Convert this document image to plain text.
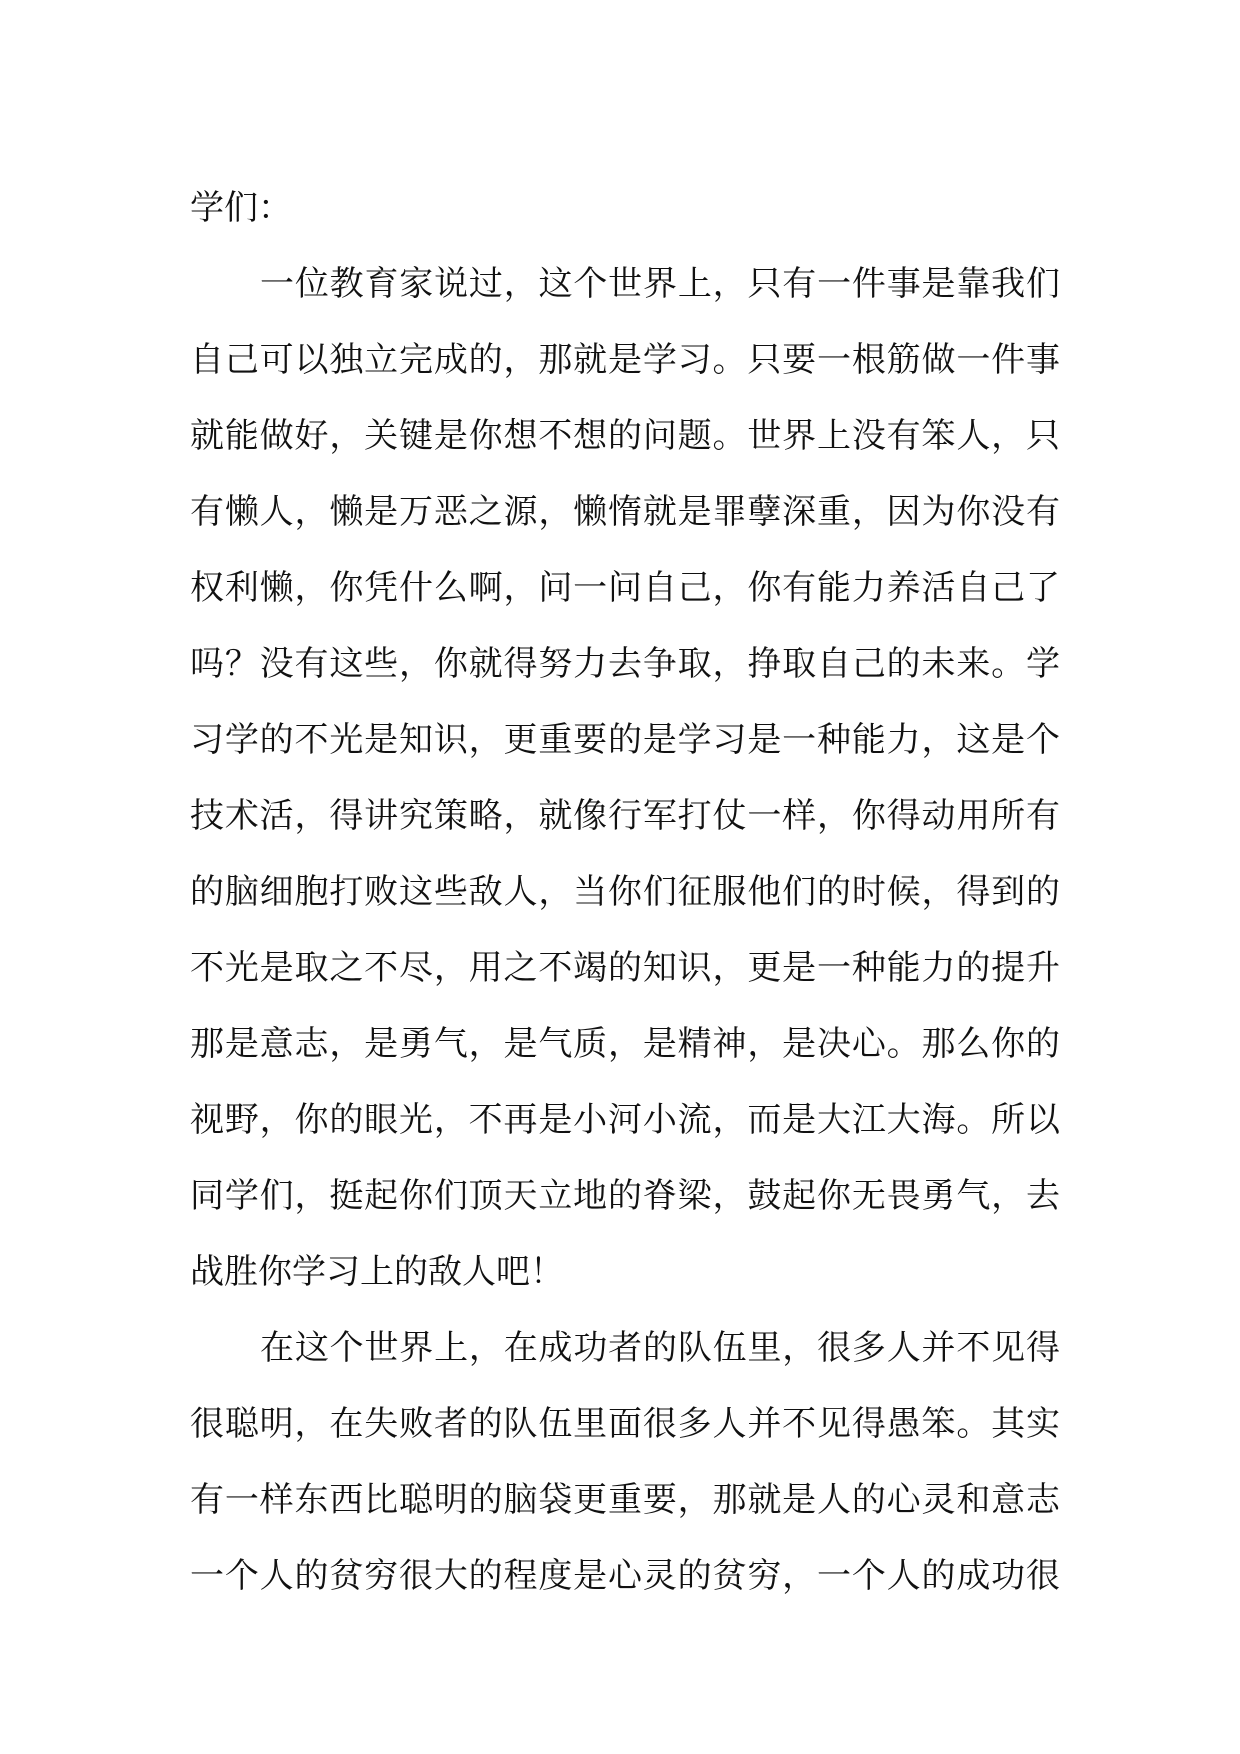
学们：
一位教育家说过，这个世界上，只有一件事是靠我们
自己可以独立完成的，那就是学习。只要一根筋做一件事
就能做好，关键是你想不想的问题。世界上没有笨人，只
有懒人，懒是万恶之源，懒惰就是罪孽深重，因为你没有
权利懒，你凭什么啊，问一问自己，你有能力养活自己了
吗？没有这些，你就得努力去争取，挣取自己的未来。学
习学的不光是知识，更重要的是学习是一种能力，这是个
技术活，得讲究策略，就像行军打仗一样，你得动用所有
的脑细胞打败这些敌人，当你们征服他们的时候，得到的
不光是取之不尽，用之不竭的知识，更是一种能力的提升
那是意志，是勇气，是气质，是精神，是决心。那么你的
视野，你的眼光，不再是小河小流，而是大江大海。所以
同学们，挺起你们顶天立地的脊梁，鼓起你无畏勇气，去
战胜你学习上的敌人吧！
在这个世界上，在成功者的队伍里，很多人并不见得
很聪明，在失败者的队伍里面很多人并不见得愚笨。其实
有一样东西比聪明的脑袋更重要，那就是人的心灵和意志
一个人的贫穷很大的程度是心灵的贫穷，一个人的成功很
